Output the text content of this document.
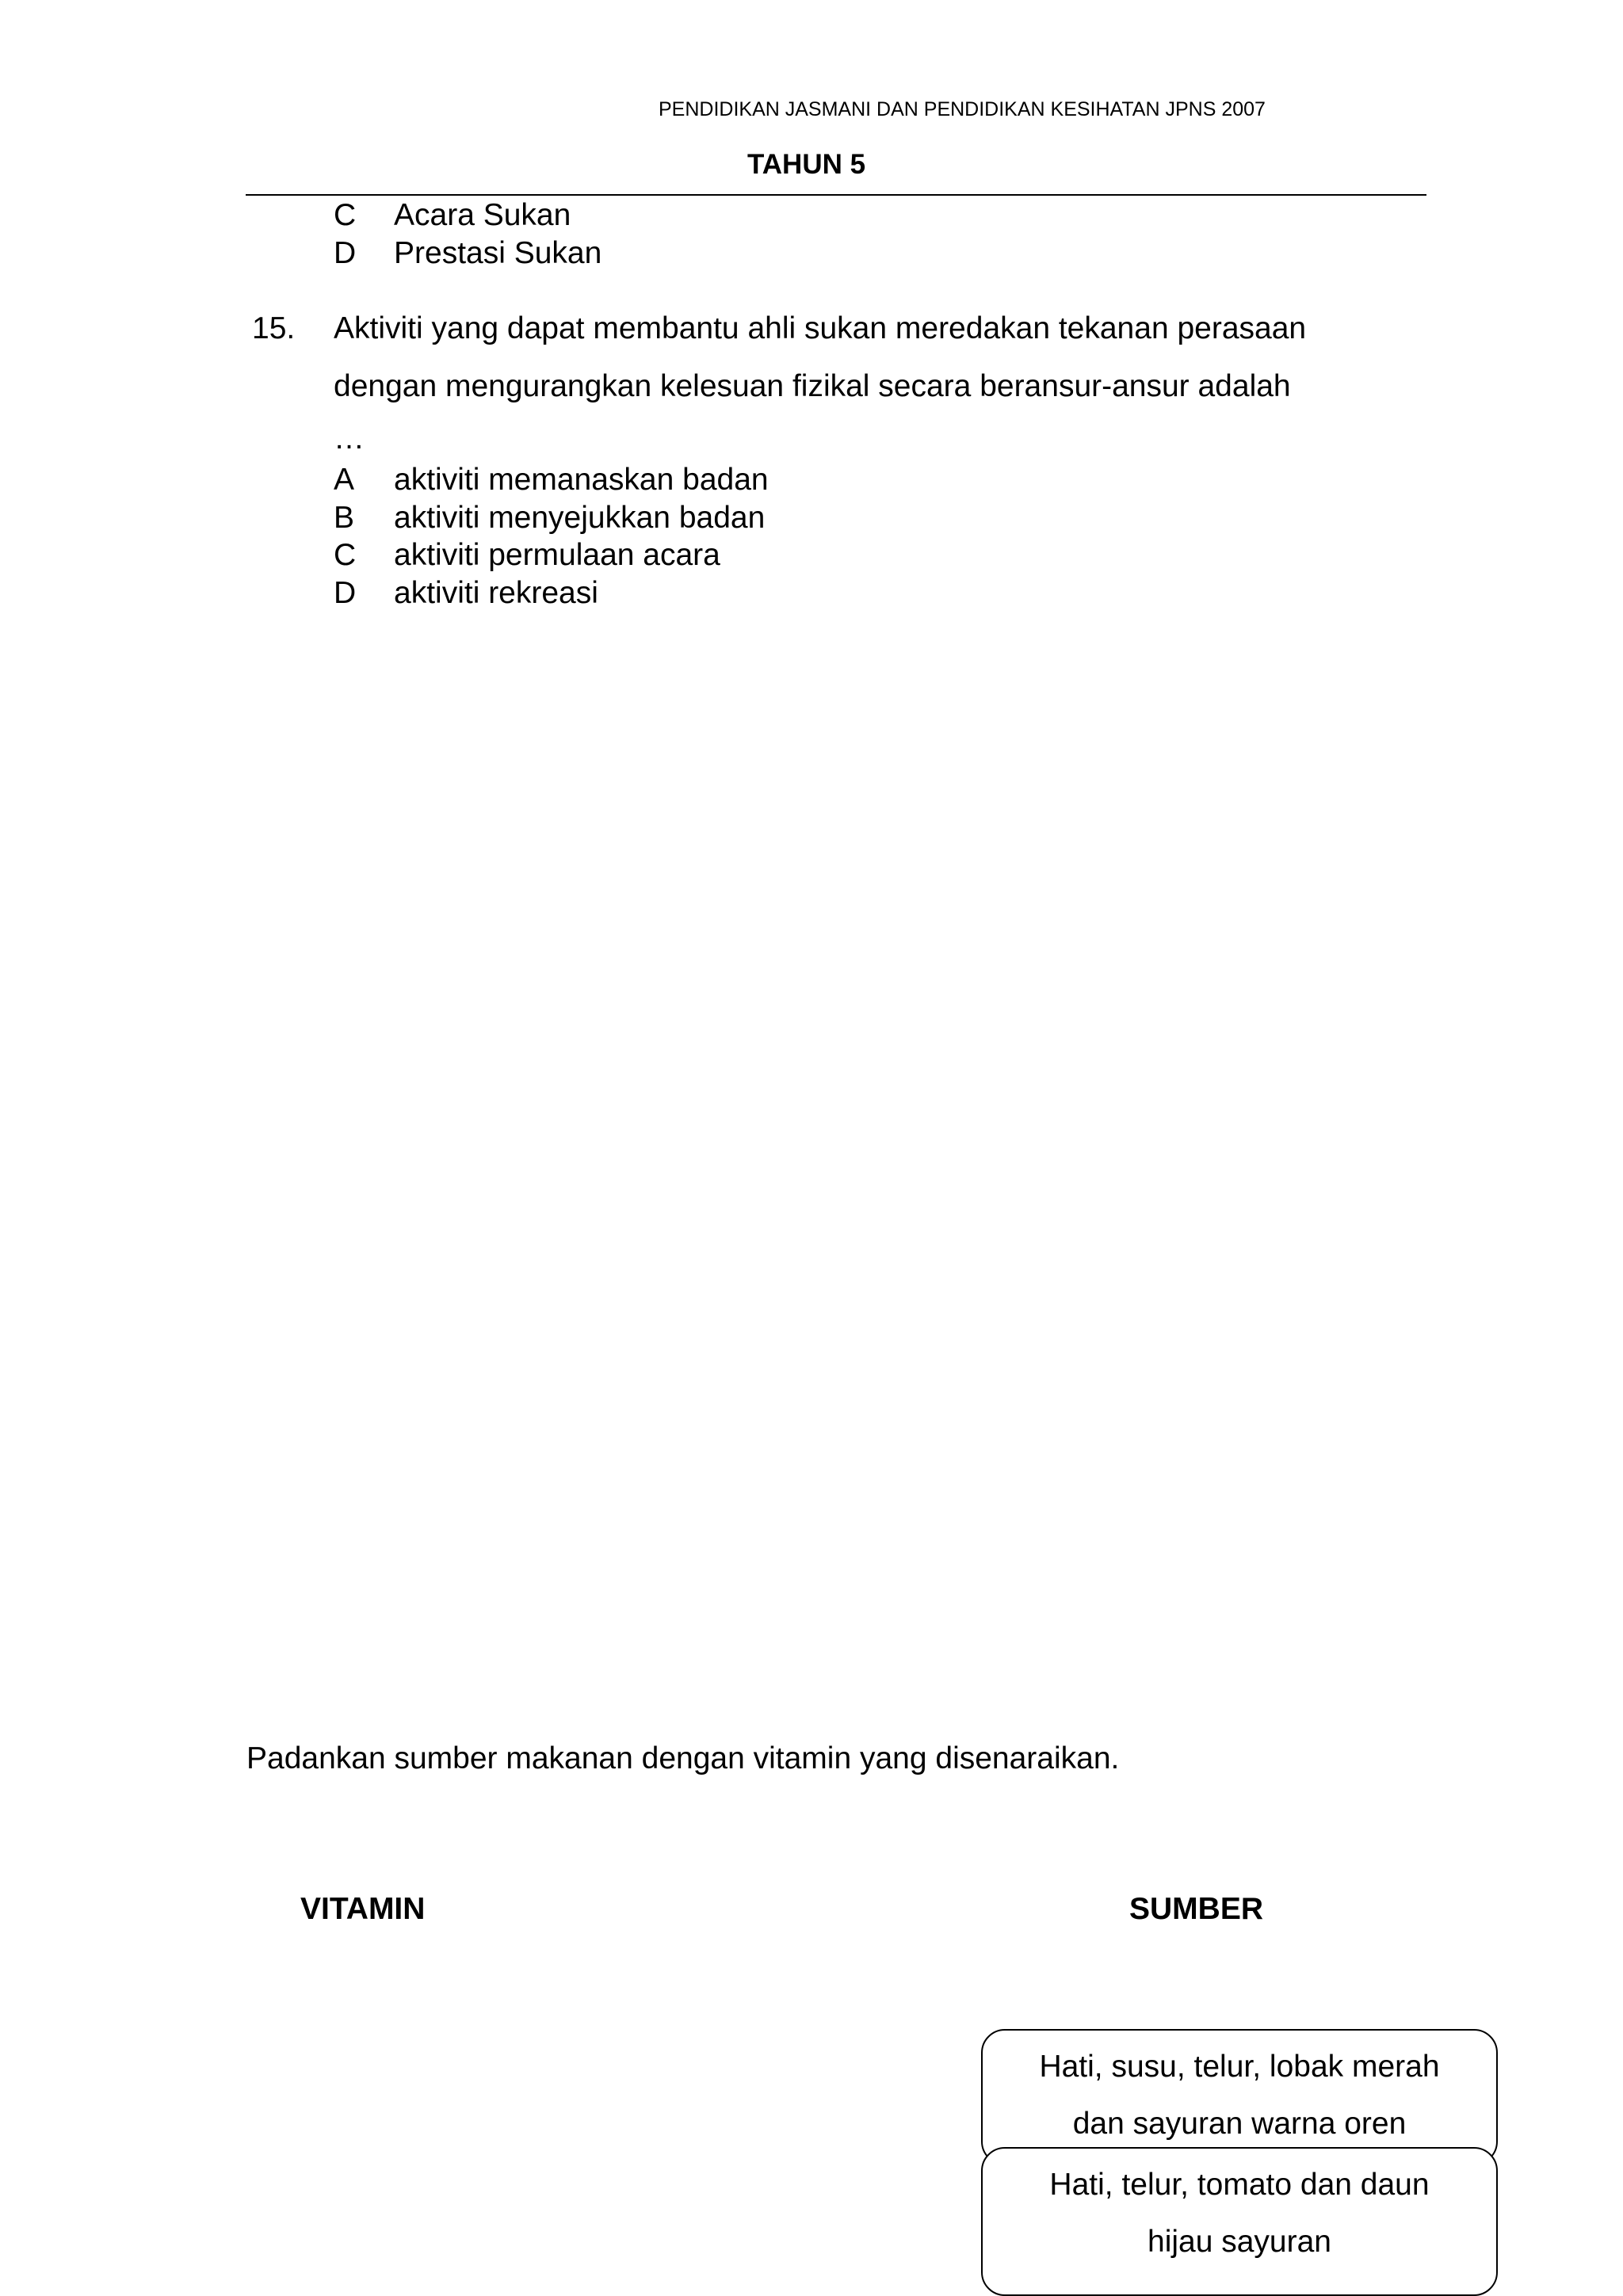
PENDIDIKAN JASMANI DAN PENDIDIKAN KESIHATAN JPNS 2007
TAHUN 5
C Acara Sukan
D Prestasi Sukan
15. Aktiviti yang dapat membantu ahli sukan meredakan tekanan perasaan
dengan mengurangkan kelesuan fizikal secara beransur-ansur adalah
…
A aktiviti memanaskan badan
B aktiviti menyejukkan badan
C aktiviti permulaan acara
D aktiviti rekreasi
Padankan sumber makanan dengan vitamin yang disenaraikan.
VITAMIN	SUMBER
Hati, susu, telur, lobak merah
dan sayuran warna oren
Hati, telur, tomato dan daun
hijau sayuran
